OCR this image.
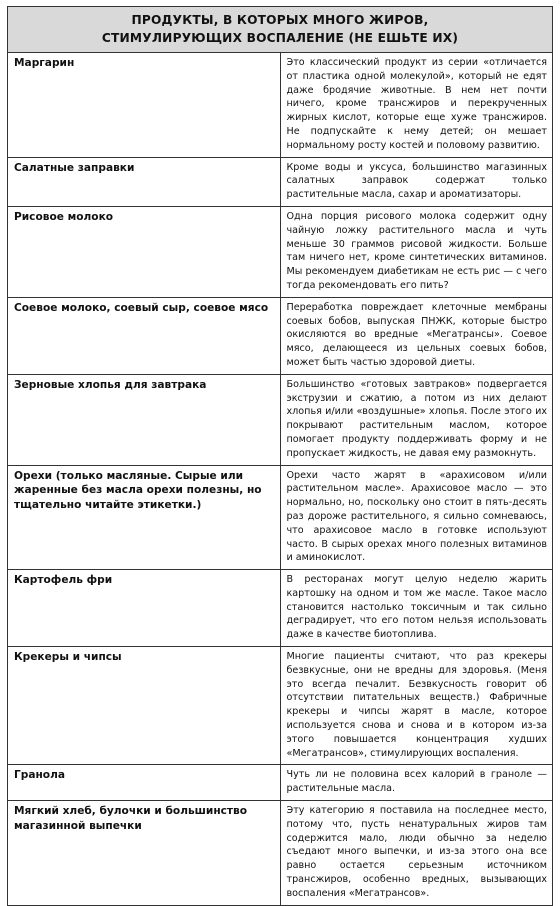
ПРОДУКТЫ, В КОТОРЫХ МНОГО ЖИРОВ,
СТИМУЛИРУЮЩИХ ВОСПАЛЕНИЕ (НЕ ЕШЬТЕ ИХ)	
Маргарин	Это классический продукт из серии «отличается от пластика одной молекулой», который не едят даже бродячие животные. В нем нет почти ничего, кроме трансжиров и перекрученных жирных кислот, которые еще хуже трансжиров. Не подпускайте к нему детей; он мешает нормальному росту костей и половому развитию.
Салатные заправки	Кроме воды и уксуса, большинство магазинных салатных заправок содержат только растительные масла, сахар и ароматизаторы.
Рисовое молоко	Одна порция рисового молока содержит одну чайную ложку растительного масла и чуть меньше 30 граммов рисовой жидкости. Больше там ничего нет, кроме синтетических витаминов. Мы рекомендуем диабетикам не есть рис — с чего тогда рекомендовать его пить?
Соевое молоко, соевый сыр, соевое мясо	Переработка повреждает клеточные мембраны соевых бобов, выпуская ПНЖК, которые быстро окисляются во вредные «Мегатрансы». Соевое мясо, делающееся из цельных соевых бобов, может быть частью здоровой диеты.
Зерновые хлопья для завтрака	Большинство «готовых завтраков» подвергается экструзии и сжатию, а потом из них делают хлопья и/или «воздушные» хлопья. После этого их покрывают растительным маслом, которое помогает продукту поддерживать форму и не пропускает жидкость, не давая ему размокнуть.
Орехи (только масляные. Сырые или жаренные без масла орехи полезны, но тщательно читайте этикетки.)	Орехи часто жарят в «арахисовом и/или растительном масле». Арахисовое масло — это нормально, но, поскольку оно стоит в пять-десять раз дороже растительного, я сильно сомневаюсь, что арахисовое масло в готовке используют часто. В сырых орехах много полезных витаминов и аминокислот.
Картофель фри	В ресторанах могут целую неделю жарить картошку на одном и том же масле. Такое масло становится настолько токсичным и так сильно деградирует, что его потом нельзя использовать даже в качестве биотоплива.
Крекеры и чипсы	Многие пациенты считают, что раз крекеры безвкусные, они не вредны для здоровья. (Меня это всегда печалит. Безвкусность говорит об отсутствии питательных веществ.) Фабричные крекеры и чипсы жарят в масле, которое используется снова и снова и в котором из-за этого повышается концентрация худших «Мегатрансов», стимулирующих воспаления.
Гранола	Чуть ли не половина всех калорий в граноле — растительные масла.
Мягкий хлеб, булочки и большинство магазинной выпечки	Эту категорию я поставила на последнее место, потому что, пусть ненатуральных жиров там содержится мало, люди обычно за неделю съедают много выпечки, и из-за этого она все равно остается серьезным источником трансжиров, особенно вредных, вызывающих воспаления «Мегатрансов».
